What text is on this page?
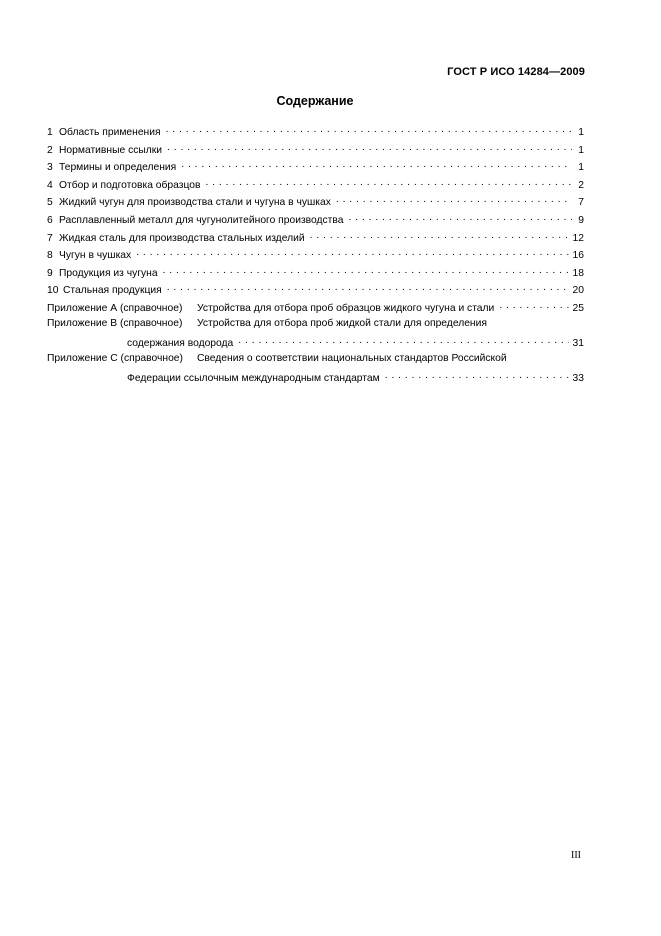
ГОСТ Р ИСО 14284—2009
Содержание
1 Область применения . . .	1
2 Нормативные ссылки . . .	1
3 Термины и определения . . .	1
4 Отбор и подготовка образцов . . .	2
5 Жидкий чугун для производства стали и чугуна в чушках . . .	7
6 Расплавленный металл для чугунолитейного производства . . .	9
7 Жидкая сталь для производства стальных изделий . . .	12
8 Чугун в чушках . . .	16
9 Продукция из чугуна . . .	18
10 Стальная продукция . . .	20
Приложение А (справочное)	Устройства для отбора проб образцов жидкого чугуна и стали . . .	25
Приложение В (справочное)	Устройства для отбора проб жидкой стали для определения
содержания водорода . . .	31
Приложение С (справочное)	Сведения о соответствии национальных стандартов Российской
Федерации ссылочным международным стандартам . . .	33
III
